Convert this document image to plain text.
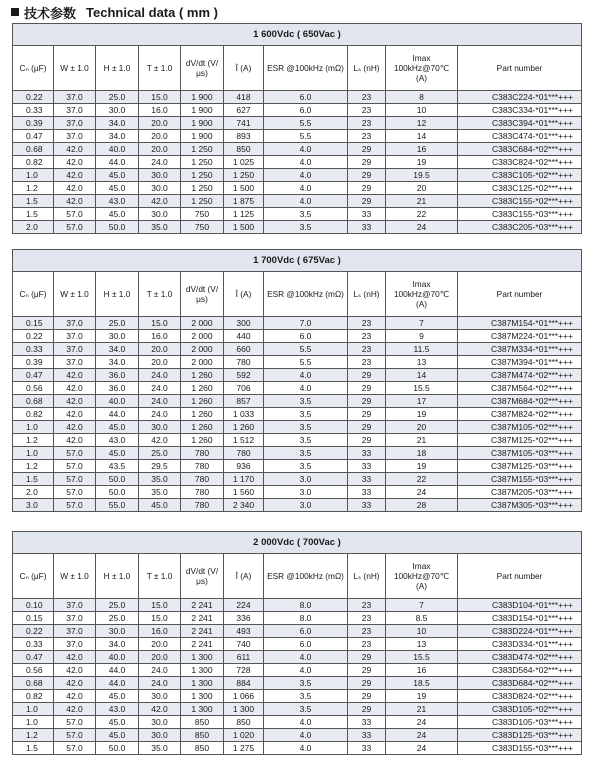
技术参数 Technical data ( mm )
1 600Vdc ( 650Vac )									
Cₙ (μF)	W ± 1.0	H ± 1.0	T ± 1.0	dV/dt (V/μs)	Î (A)	ESR @100kHz (mΩ)	Lₛ (nH)	Imax 100kHz@70℃ (A)	Part number
0.22	37.0	25.0	15.0	1 900	418	6.0	23	8	C383C224-*01***+++
0.33	37.0	30.0	16.0	1 900	627	6.0	23	10	C383C334-*01***+++
0.39	37.0	34.0	20.0	1 900	741	5.5	23	12	C383C394-*01***+++
0.47	37.0	34.0	20.0	1 900	893	5.5	23	14	C383C474-*01***+++
0.68	42.0	40.0	20.0	1 250	850	4.0	29	16	C383C684-*02***+++
0.82	42.0	44.0	24.0	1 250	1 025	4.0	29	19	C383C824-*02***+++
1.0	42.0	45.0	30.0	1 250	1 250	4.0	29	19.5	C383C105-*02***+++
1.2	42.0	45.0	30.0	1 250	1 500	4.0	29	20	C383C125-*02***+++
1.5	42.0	43.0	42.0	1 250	1 875	4.0	29	21	C383C155-*02***+++
1.5	57.0	45.0	30.0	750	1 125	3.5	33	22	C383C155-*03***+++
2.0	57.0	50.0	35.0	750	1 500	3.5	33	24	C383C205-*03***+++
1 700Vdc ( 675Vac )									
Cₙ (μF)	W ± 1.0	H ± 1.0	T ± 1.0	dV/dt (V/μs)	Î (A)	ESR @100kHz (mΩ)	Lₛ (nH)	Imax 100kHz@70℃ (A)	Part number
0.15	37.0	25.0	15.0	2 000	300	7.0	23	7	C387M154-*01***+++
0.22	37.0	30.0	16.0	2 000	440	6.0	23	9	C387M224-*01***+++
0.33	37.0	34.0	20.0	2 000	660	5.5	23	11.5	C387M334-*01***+++
0.39	37.0	34.0	20.0	2 000	780	5.5	23	13	C387M394-*01***+++
0.47	42.0	36.0	24.0	1 260	592	4.0	29	14	C387M474-*02***+++
0.56	42.0	36.0	24.0	1 260	706	4.0	29	15.5	C387M564-*02***+++
0.68	42.0	40.0	24.0	1 260	857	3.5	29	17	C387M684-*02***+++
0.82	42.0	44.0	24.0	1 260	1 033	3.5	29	19	C387M824-*02***+++
1.0	42.0	45.0	30.0	1 260	1 260	3.5	29	20	C387M105-*02***+++
1.2	42.0	43.0	42.0	1 260	1 512	3.5	29	21	C387M125-*02***+++
1.0	57.0	45.0	25.0	780	780	3.5	33	18	C387M105-*03***+++
1.2	57.0	43.5	29.5	780	936	3.5	33	19	C387M125-*03***+++
1.5	57.0	50.0	35.0	780	1 170	3.0	33	22	C387M155-*03***+++
2.0	57.0	50.0	35.0	780	1 560	3.0	33	24	C387M205-*03***+++
3.0	57.0	55.0	45.0	780	2 340	3.0	33	28	C387M305-*03***+++
2 000Vdc ( 700Vac )									
Cₙ (μF)	W ± 1.0	H ± 1.0	T ± 1.0	dV/dt (V/μs)	Î (A)	ESR @100kHz (mΩ)	Lₛ (nH)	Imax 100kHz@70℃ (A)	Part number
0.10	37.0	25.0	15.0	2 241	224	8.0	23	7	C383D104-*01***+++
0.15	37.0	25.0	15.0	2 241	336	8.0	23	8.5	C383D154-*01***+++
0.22	37.0	30.0	16.0	2 241	493	6.0	23	10	C383D224-*01***+++
0.33	37.0	34.0	20.0	2 241	740	6.0	23	13	C383D334-*01***+++
0.47	42.0	40.0	20.0	1 300	611	4.0	29	15.5	C383D474-*02***+++
0.56	42.0	44.0	24.0	1 300	728	4.0	29	16	C383D564-*02***+++
0.68	42.0	44.0	24.0	1 300	884	3.5	29	18.5	C383D684-*02***+++
0.82	42.0	45.0	30.0	1 300	1 066	3.5	29	19	C383D824-*02***+++
1.0	42.0	43.0	42.0	1 300	1 300	3.5	29	21	C383D105-*02***+++
1.0	57.0	45.0	30.0	850	850	4.0	33	24	C383D105-*03***+++
1.2	57.0	45.0	30.0	850	1 020	4.0	33	24	C383D125-*03***+++
1.5	57.0	50.0	35.0	850	1 275	4.0	33	24	C383D155-*03***+++
